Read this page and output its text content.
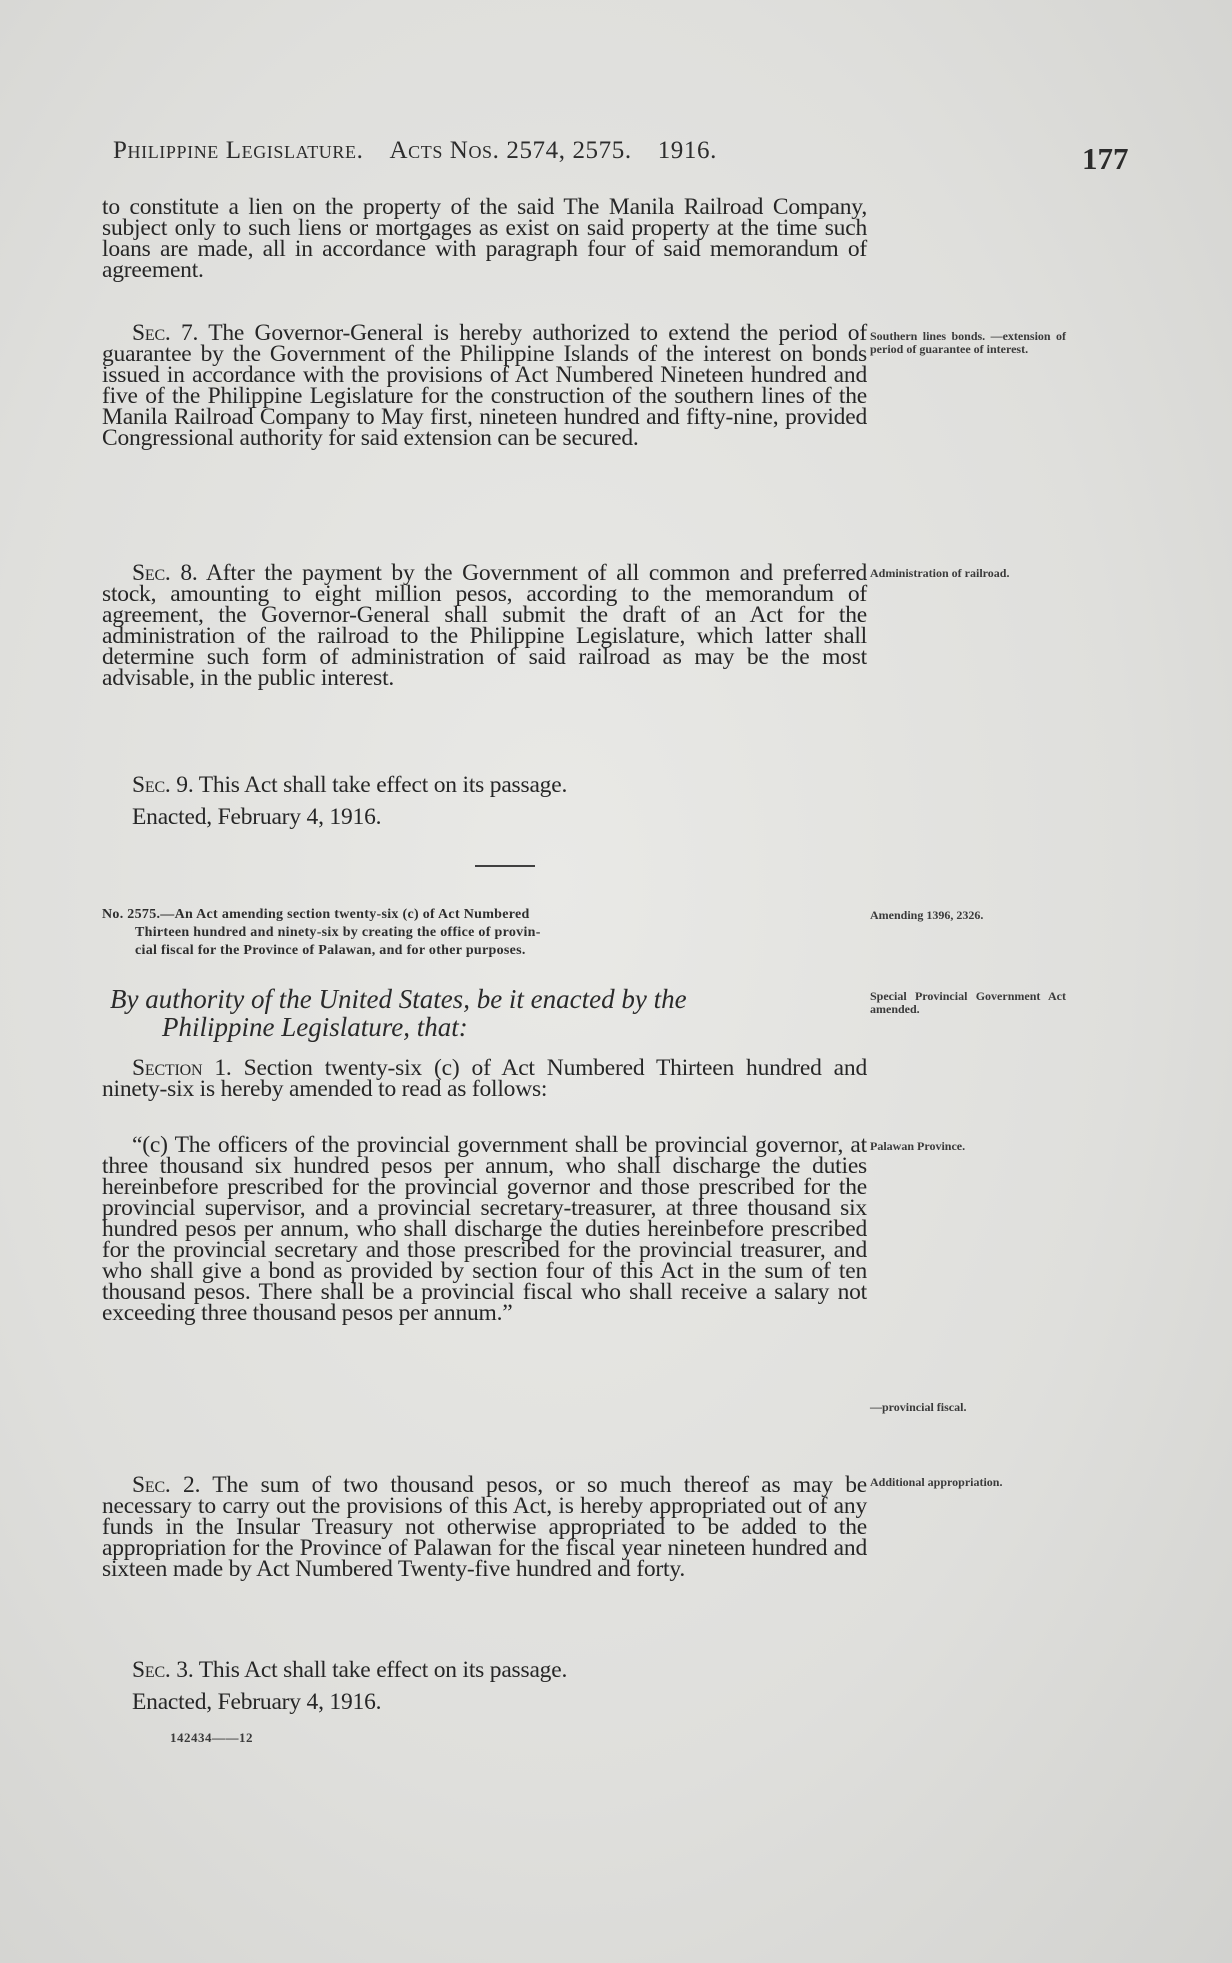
Philippine Legislature. Acts Nos. 2574, 2575. 1916.	177

to constitute a lien on the property of the said The Manila Railroad Company, subject only to such liens or mortgages as exist on said property at the time such loans are made, all in accordance with paragraph four of said memorandum of agreement.

Sec. 7. The Governor-General is hereby authorized to extend the period of guarantee by the Government of the Philippine Islands of the interest on bonds issued in accordance with the provisions of Act Numbered Nineteen hundred and five of the Philippine Legislature for the construction of the southern lines of the Manila Railroad Company to May first, nineteen hundred and fifty-nine, provided Congressional authority for said extension can be secured.

Sec. 8. After the payment by the Government of all common and preferred stock, amounting to eight million pesos, according to the memorandum of agreement, the Governor-General shall submit the draft of an Act for the administration of the railroad to the Philippine Legislature, which latter shall determine such form of administration of said railroad as may be the most advisable, in the public interest.

Sec. 9. This Act shall take effect on its passage.

Enacted, February 4, 1916.

No. 2575.—An Act amending section twenty-six (c) of Act Numbered
Thirteen hundred and ninety-six by creating the office of provin-
cial fiscal for the Province of Palawan, and for other purposes.
By authority of the United States, be it enacted by the
Philippine Legislature, that:

Section 1. Section twenty-six (c) of Act Numbered Thirteen hundred and ninety-six is hereby amended to read as follows:

“(c) The officers of the provincial government shall be provincial governor, at three thousand six hundred pesos per annum, who shall discharge the duties hereinbefore prescribed for the provincial governor and those prescribed for the provincial supervisor, and a provincial secretary-treasurer, at three thousand six hundred pesos per annum, who shall discharge the duties hereinbefore prescribed for the provincial secretary and those prescribed for the provincial treasurer, and who shall give a bond as provided by section four of this Act in the sum of ten thousand pesos. There shall be a provincial fiscal who shall receive a salary not exceeding three thousand pesos per annum.”

Sec. 2. The sum of two thousand pesos, or so much thereof as may be necessary to carry out the provisions of this Act, is hereby appropriated out of any funds in the Insular Treasury not otherwise appropriated to be added to the appropriation for the Province of Palawan for the fiscal year nineteen hundred and sixteen made by Act Numbered Twenty-five hundred and forty.

Sec. 3. This Act shall take effect on its passage.

Enacted, February 4, 1916.

Southern lines bonds. —extension of period of guarantee of interest.
Administration of railroad.
Amending 1396, 2326.
Special Provincial Government Act amended.
Palawan Province.
—provincial fiscal.
Additional appropriation.
142434——12
